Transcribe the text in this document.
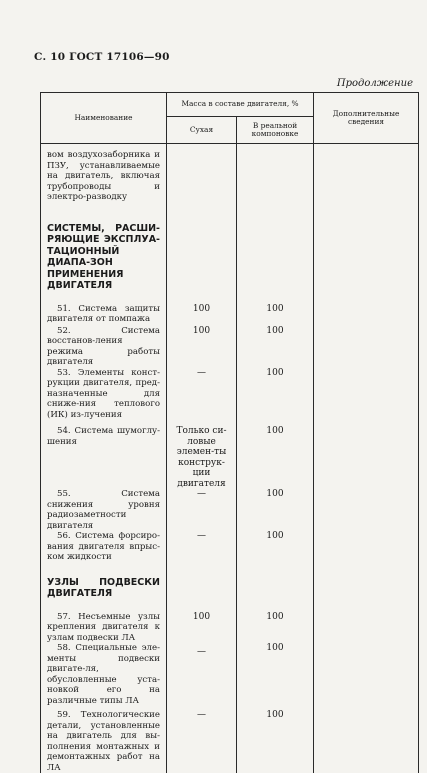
С. 10 ГОСТ 17106—90
Продолжение
Наименование	Масса в составе двигателя, %		Дополнительные сведения
	Сухая	В реальной компоновке	
вом воздухозаборника и ПЗУ, устанавливаемые на двигатель, включая трубопроводы и электро-разводку			
СИСТЕМЫ, РАСШИ-РЯЮЩИЕ ЭКСПЛУА-ТАЦИОННЫЙ ДИАПА-ЗОН ПРИМЕНЕНИЯ ДВИГАТЕЛЯ			
51. Система защиты двигателя от помпажа	100	100	
52. Система восстанов-ления режима работы двигателя	100	100	
53. Элементы конст-рукции двигателя, пред-назначенные для сниже-ния теплового (ИК) из-лучения	—	100	
54. Система шумоглу-шения	Только си-ловые элемен-ты конструк-ции двигателя	100	
55. Система снижения уровня радиозаметности двигателя	—	100	
56. Система форсиро-вания двигателя впрыс-ком жидкости	—	100	
УЗЛЫ ПОДВЕСКИ ДВИГАТЕЛЯ			
57. Несъемные узлы крепления двигателя к узлам подвески ЛА	100	100	
58. Специальные эле-менты подвески двигате-ля, обусловленные уста-новкой его на различные типы ЛА	—	100	
59. Технологические детали, установленные на двигатель для вы-полнения монтажных и демонтажных работ на ЛА	—	100	
